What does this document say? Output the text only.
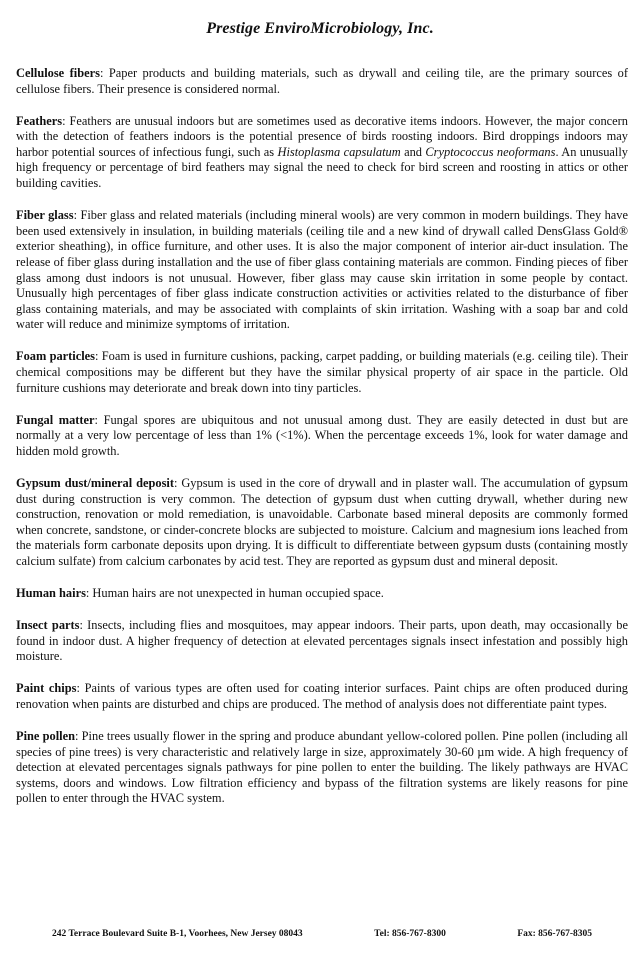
Prestige EnviroMicrobiology, Inc.

Cellulose fibers: Paper products and building materials, such as drywall and ceiling tile, are the primary sources of cellulose fibers. Their presence is considered normal.

Feathers: Feathers are unusual indoors but are sometimes used as decorative items indoors. However, the major concern with the detection of feathers indoors is the potential presence of birds roosting indoors. Bird droppings indoors may harbor potential sources of infectious fungi, such as Histoplasma capsulatum and Cryptococcus neoformans. An unusually high frequency or percentage of bird feathers may signal the need to check for bird screen and roosting in attics or other building cavities.

Fiber glass: Fiber glass and related materials (including mineral wools) are very common in modern buildings. They have been used extensively in insulation, in building materials (ceiling tile and a new kind of drywall called DensGlass Gold® exterior sheathing), in office furniture, and other uses. It is also the major component of interior air-duct insulation. The release of fiber glass during installation and the use of fiber glass containing materials are common. Finding pieces of fiber glass among dust indoors is not unusual. However, fiber glass may cause skin irritation in some people by contact. Unusually high percentages of fiber glass indicate construction activities or activities related to the disturbance of fiber glass containing materials, and may be associated with complaints of skin irritation. Washing with a soap bar and cold water will reduce and minimize symptoms of irritation.

Foam particles: Foam is used in furniture cushions, packing, carpet padding, or building materials (e.g. ceiling tile). Their chemical compositions may be different but they have the similar physical property of air space in the particle. Old furniture cushions may deteriorate and break down into tiny particles.

Fungal matter: Fungal spores are ubiquitous and not unusual among dust. They are easily detected in dust but are normally at a very low percentage of less than 1% (<1%). When the percentage exceeds 1%, look for water damage and hidden mold growth.

Gypsum dust/mineral deposit: Gypsum is used in the core of drywall and in plaster wall. The accumulation of gypsum dust during construction is very common. The detection of gypsum dust when cutting drywall, whether during new construction, renovation or mold remediation, is unavoidable. Carbonate based mineral deposits are commonly formed when concrete, sandstone, or cinder-concrete blocks are subjected to moisture. Calcium and magnesium ions leached from the materials form carbonate deposits upon drying. It is difficult to differentiate between gypsum dusts (containing mostly calcium sulfate) from calcium carbonates by acid test. They are reported as gypsum dust and mineral deposit.

Human hairs: Human hairs are not unexpected in human occupied space.

Insect parts: Insects, including flies and mosquitoes, may appear indoors. Their parts, upon death, may occasionally be found in indoor dust. A higher frequency of detection at elevated percentages signals insect infestation and possibly high moisture.

Paint chips: Paints of various types are often used for coating interior surfaces. Paint chips are often produced during renovation when paints are disturbed and chips are produced. The method of analysis does not differentiate paint types.

Pine pollen: Pine trees usually flower in the spring and produce abundant yellow-colored pollen. Pine pollen (including all species of pine trees) is very characteristic and relatively large in size, approximately 30-60 µm wide. A high frequency of detection at elevated percentages signals pathways for pine pollen to enter the building. The likely pathways are HVAC systems, doors and windows. Low filtration efficiency and bypass of the filtration systems are likely reasons for pine pollen to enter through the HVAC system.

242 Terrace Boulevard Suite B-1, Voorhees, New Jersey 08043	Tel: 856-767-8300	Fax: 856-767-8305
